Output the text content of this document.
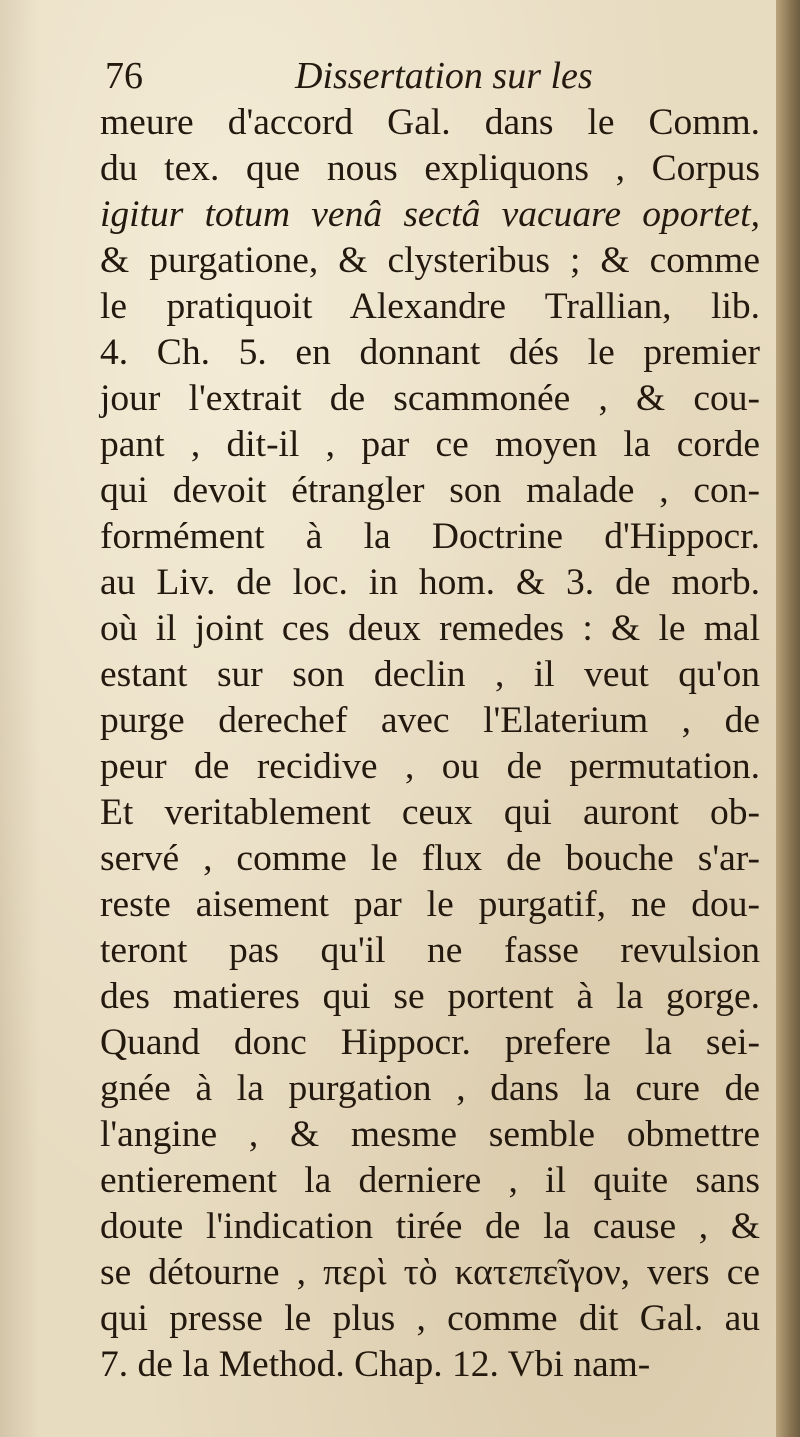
76	Dissertation sur les
meure d'accord Gal. dans le Comm.
du tex. que nous expliquons , Corpus
igitur totum venâ sectâ vacuare oportet,
& purgatione, & clysteribus ; & comme
le pratiquoit Alexandre Trallian, lib.
4. Ch. 5. en donnant dés le premier
jour l'extrait de scammonée , & cou-
pant , dit-il , par ce moyen la corde
qui devoit étrangler son malade , con-
formément à la Doctrine d'Hippocr.
au Liv. de loc. in hom. & 3. de morb.
où il joint ces deux remedes : & le mal
estant sur son declin , il veut qu'on
purge derechef avec l'Elaterium , de
peur de recidive , ou de permutation.
Et veritablement ceux qui auront ob-
servé , comme le flux de bouche s'ar-
reste aisement par le purgatif, ne dou-
teront pas qu'il ne fasse revulsion
des matieres qui se portent à la gorge.
Quand donc Hippocr. prefere la sei-
gnée à la purgation , dans la cure de
l'angine , & mesme semble obmettre
entierement la derniere , il quite sans
doute l'indication tirée de la cause , &
se détourne , περὶ τὸ κατεπεῖγον, vers ce
qui presse le plus , comme dit Gal. au
7. de la Method. Chap. 12. Vbi nam-
